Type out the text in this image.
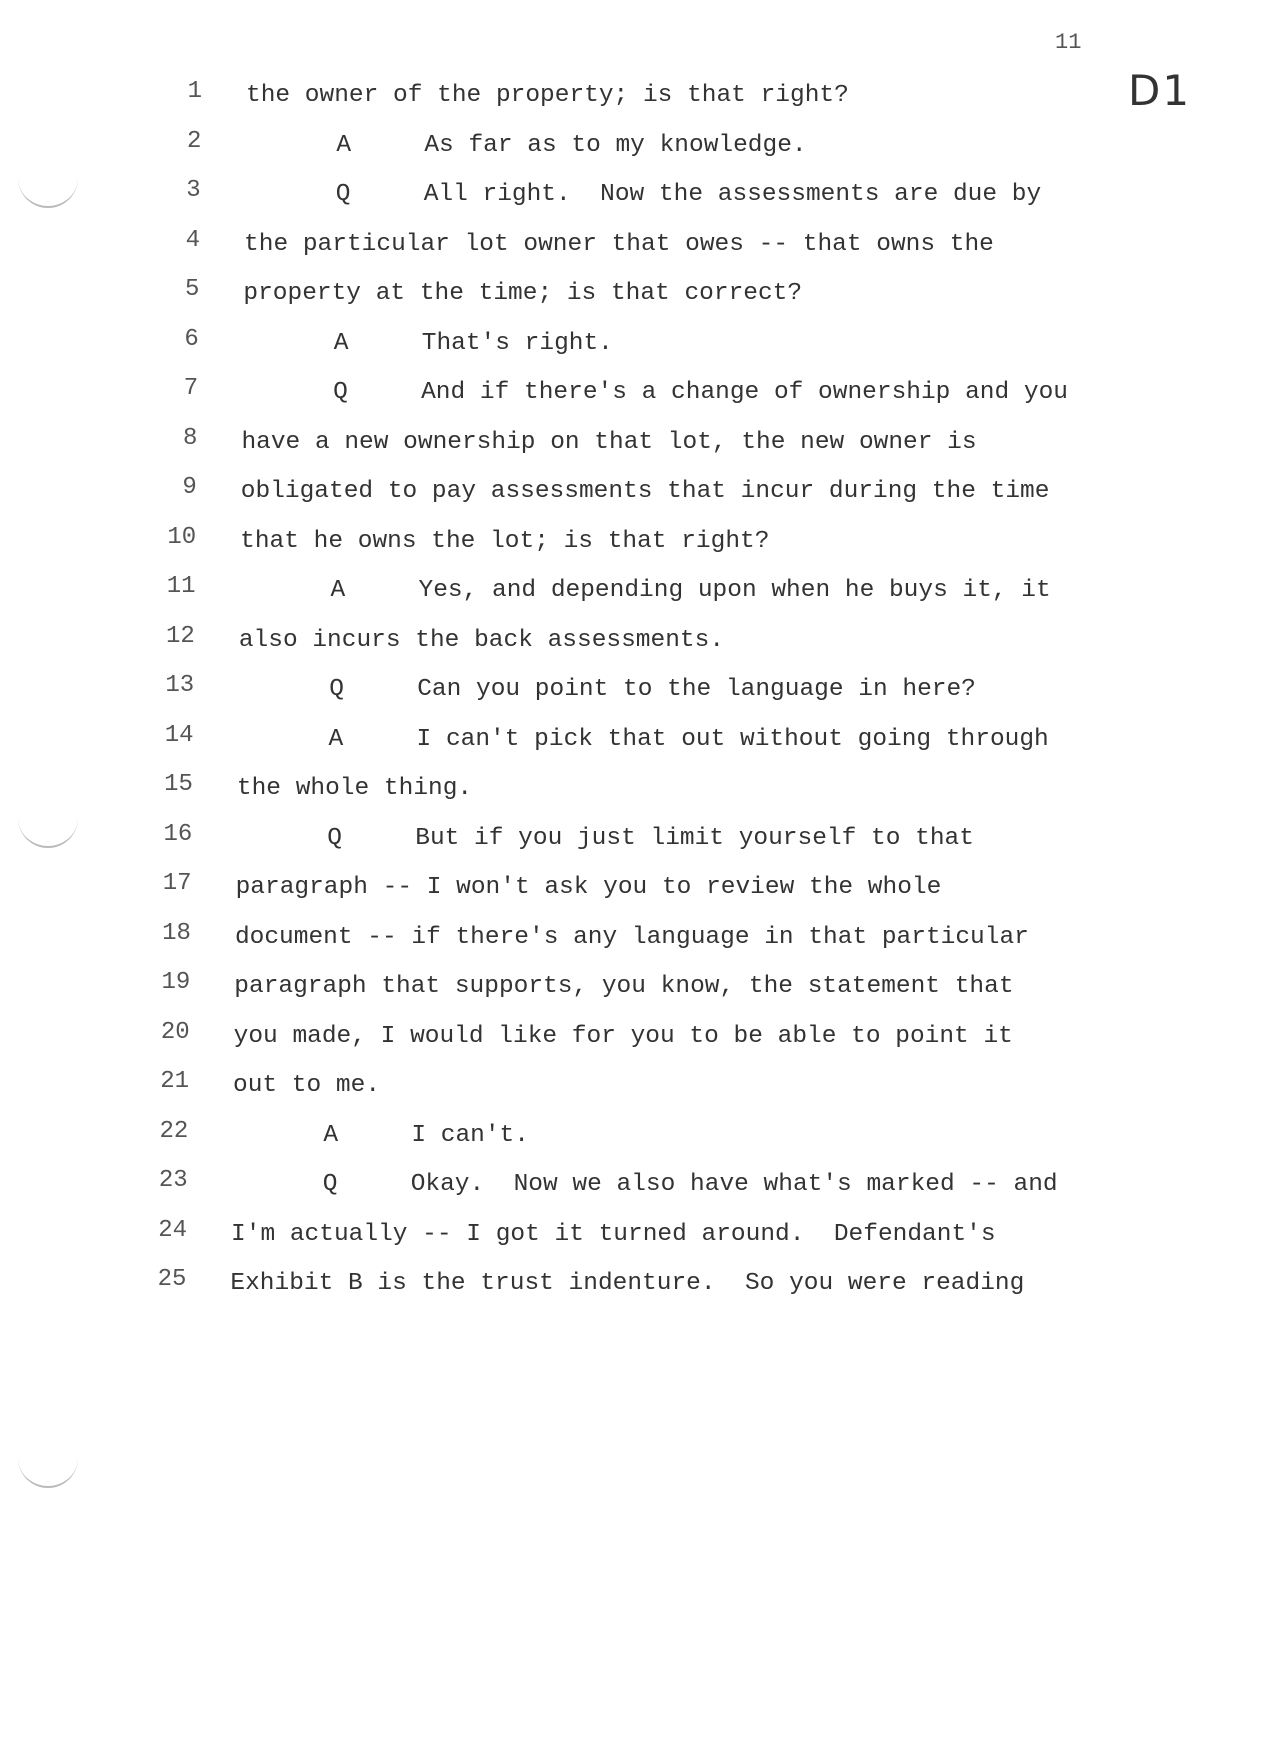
11
D1
1 the owner of the property; is that right?
2	A	As far as to my knowledge.
3	Q	All right.  Now the assessments are due by
4 the particular lot owner that owes -- that owns the
5 property at the time; is that correct?
6	A	That's right.
7	Q	And if there's a change of ownership and you
8 have a new ownership on that lot, the new owner is
9 obligated to pay assessments that incur during the time
10 that he owns the lot; is that right?
11	A	Yes, and depending upon when he buys it, it
12 also incurs the back assessments.
13	Q	Can you point to the language in here?
14	A	I can't pick that out without going through
15 the whole thing.
16	Q	But if you just limit yourself to that
17 paragraph -- I won't ask you to review the whole
18 document -- if there's any language in that particular
19 paragraph that supports, you know, the statement that
20 you made, I would like for you to be able to point it
21 out to me.
22	A	I can't.
23	Q	Okay.  Now we also have what's marked -- and
24 I'm actually -- I got it turned around.  Defendant's
25 Exhibit B is the trust indenture.  So you were reading
